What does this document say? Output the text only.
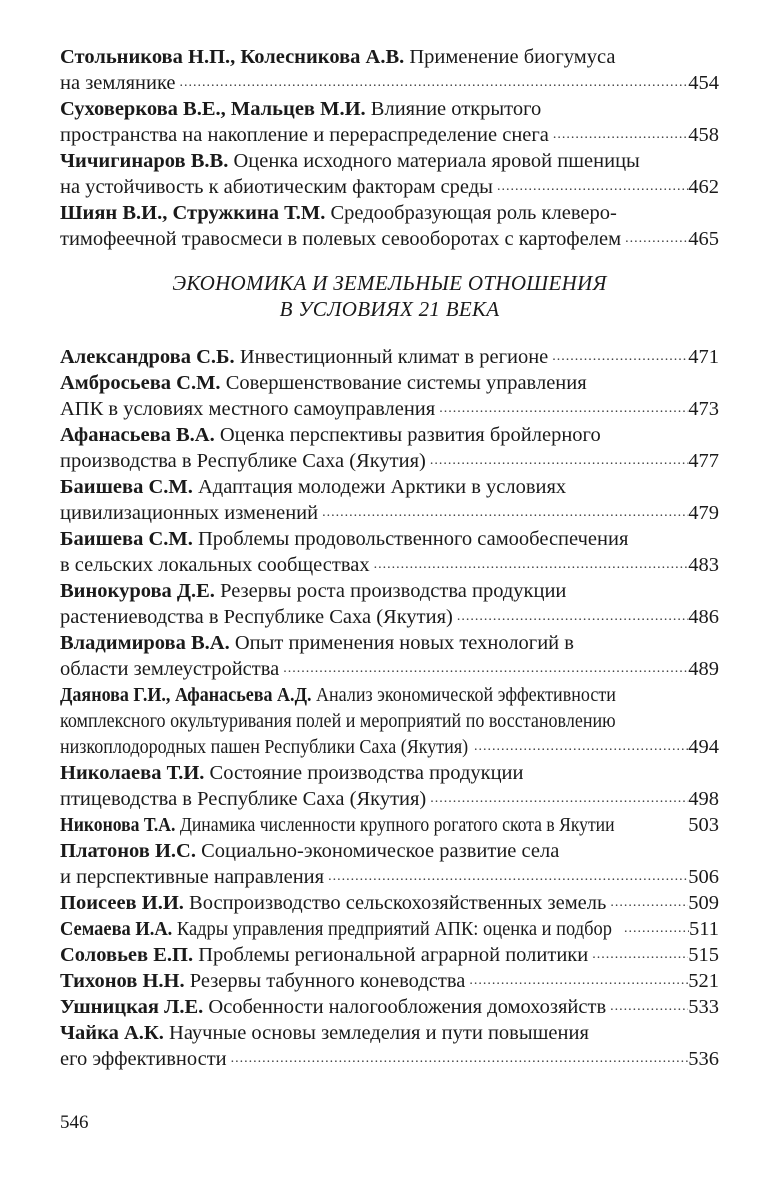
Стольникова Н.П., Колесникова А.В. Применение биогумуса
на землянике .....	454
Суховеркова В.Е., Мальцев М.И. Влияние открытого
пространства на накопление и перераспределение снега .....	458
Чичигинаров В.В. Оценка исходного материала яровой пшеницы
на устойчивость к абиотическим факторам среды .....	462
Шиян В.И., Стружкина Т.М. Средообразующая роль клеверо-
тимофеечной травосмеси в полевых севооборотах с картофелем .....	465
ЭКОНОМИКА И ЗЕМЕЛЬНЫЕ ОТНОШЕНИЯ
В УСЛОВИЯХ 21 ВЕКА
Александрова С.Б. Инвестиционный климат в регионе .....	471
Амбросьева С.М. Совершенствование системы управления
АПК в условиях местного самоуправления .....	473
Афанасьева В.А. Оценка перспективы развития бройлерного
производства в Республике Саха (Якутия) .....	477
Баишева С.М. Адаптация молодежи Арктики в условиях
цивилизационных изменений .....	479
Баишева С.М. Проблемы продовольственного самообеспечения
в сельских локальных сообществах .....	483
Винокурова Д.Е. Резервы роста производства продукции
растениеводства в Республике Саха (Якутия) .....	486
Владимирова В.А. Опыт применения новых технологий в
области землеустройства .....	489
Даянова Г.И., Афанасьева А.Д. Анализ экономической эффективности
комплексного окультуривания полей и мероприятий по восстановлению
низкоплодородных пашен Республики Саха (Якутия) .....	494
Николаева Т.И. Состояние производства продукции
птицеводства в Республике Саха (Якутия) .....	498
Никонова Т.А. Динамика численности крупного рогатого скота в Якутии	503
Платонов И.С. Социально-экономическое развитие села
и перспективные направления .....	506
Поисеев И.И. Воспроизводство сельскохозяйственных земель .....	509
Семаева И.А. Кадры управления предприятий АПК: оценка и подбор .....	511
Соловьев Е.П. Проблемы региональной аграрной политики .....	515
Тихонов Н.Н. Резервы табунного коневодства .....	521
Ушницкая Л.Е. Особенности налогообложения домохозяйств .....	533
Чайка А.К. Научные основы земледелия и пути повышения
его эффективности .....	536
546
